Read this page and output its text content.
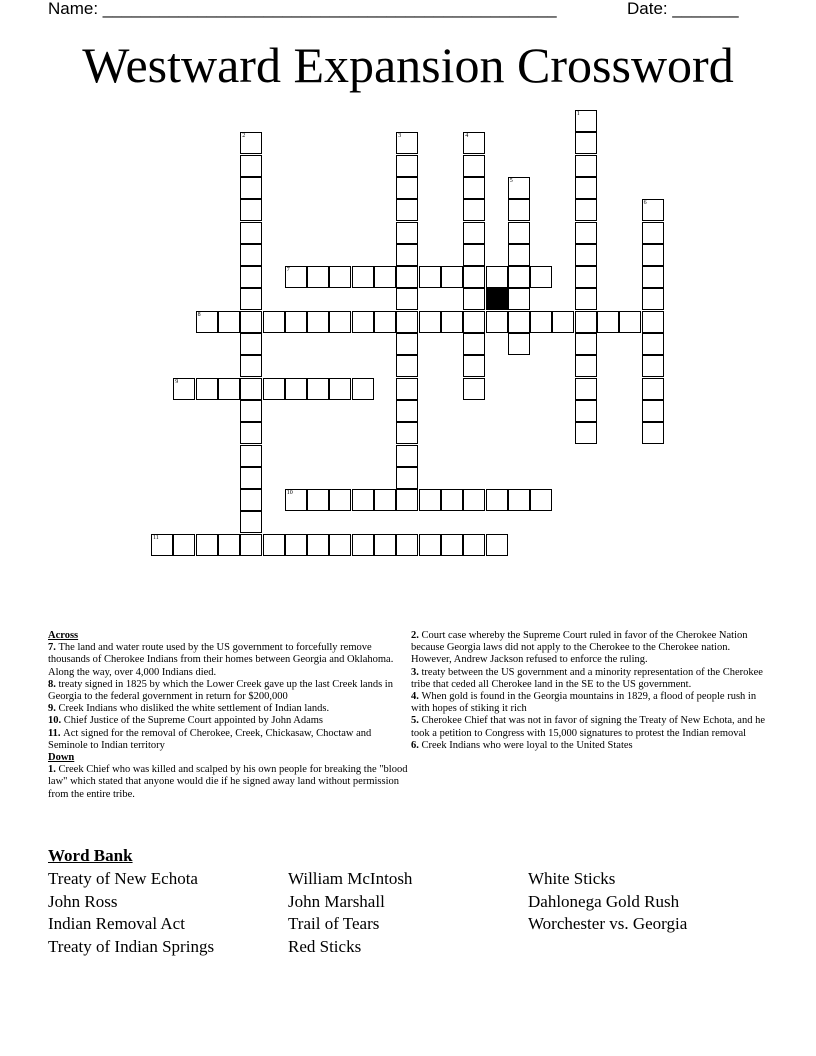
Name: ________________________________________________	Date: _______
Westward Expansion Crossword
1
2	3	4
5
6
7
8
9
10
11
Across
7. The land and water route used by the US government to forcefully remove thousands of Cherokee Indians from their homes between Georgia and Oklahoma. Along the way, over 4,000 Indians died.
8. treaty signed in 1825 by which the Lower Creek gave up the last Creek lands in Georgia to the federal government in return for $200,000
9. Creek Indians who disliked the white settlement of Indian lands.
10. Chief Justice of the Supreme Court appointed by John Adams
11. Act signed for the removal of Cherokee, Creek, Chickasaw, Choctaw and Seminole to Indian territory
Down
1. Creek Chief who was killed and scalped by his own people for breaking the "blood law" which stated that anyone would die if he signed away land without permission from the entire tribe.
2. Court case whereby the Supreme Court ruled in favor of the Cherokee Nation because Georgia laws did not apply to the Cherokee to the Cherokee nation. However, Andrew Jackson refused to enforce the ruling.
3. treaty between the US government and a minority representation of the Cherokee tribe that ceded all Cherokee land in the SE to the US government.
4. When gold is found in the Georgia mountains in 1829, a flood of people rush in with hopes of stiking it rich
5. Cherokee Chief that was not in favor of signing the Treaty of New Echota, and he took a petition to Congress with 15,000 signatures to protest the Indian removal
6. Creek Indians who were loyal to the United States
Word Bank
Treaty of New Echota
John Ross
Indian Removal Act
Treaty of Indian Springs
William McIntosh
John Marshall
Trail of Tears
Red Sticks
White Sticks
Dahlonega Gold Rush
Worchester vs. Georgia
